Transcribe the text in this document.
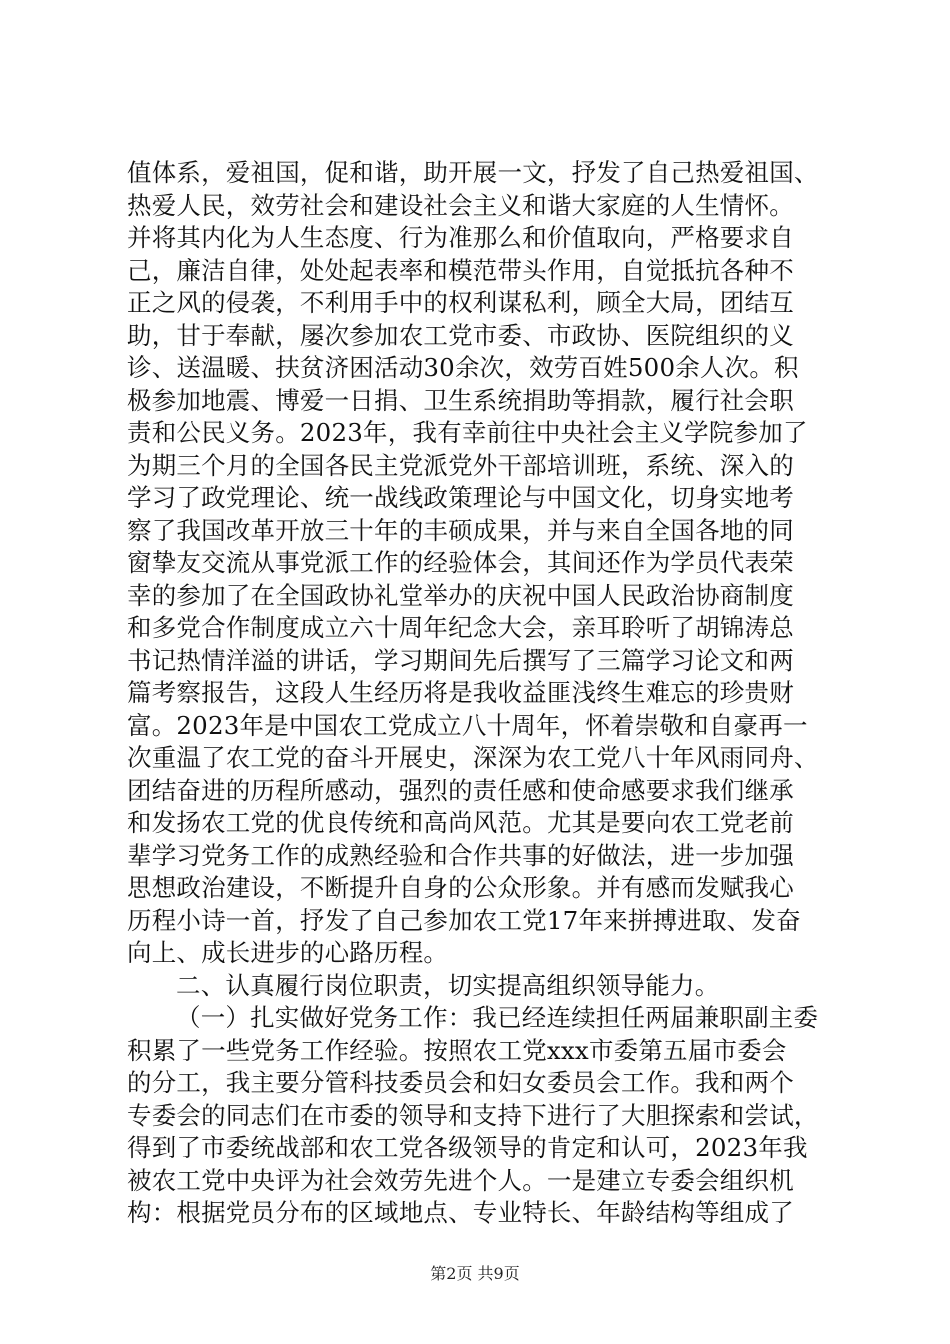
值体系，爱祖国，促和谐，助开展一文，抒发了自己热爱祖国、
热爱人民，效劳社会和建设社会主义和谐大家庭的人生情怀。
并将其内化为人生态度、行为准那么和价值取向，严格要求自
己，廉洁自律，处处起表率和模范带头作用，自觉抵抗各种不
正之风的侵袭，不利用手中的权利谋私利，顾全大局，团结互
助，甘于奉献，屡次参加农工党市委、市政协、医院组织的义
诊、送温暖、扶贫济困活动30余次，效劳百姓500余人次。积
极参加地震、博爱一日捐、卫生系统捐助等捐款，履行社会职
责和公民义务。2023年，我有幸前往中央社会主义学院参加了
为期三个月的全国各民主党派党外干部培训班，系统、深入的
学习了政党理论、统一战线政策理论与中国文化，切身实地考
察了我国改革开放三十年的丰硕成果，并与来自全国各地的同
窗挚友交流从事党派工作的经验体会，其间还作为学员代表荣
幸的参加了在全国政协礼堂举办的庆祝中国人民政治协商制度
和多党合作制度成立六十周年纪念大会，亲耳聆听了胡锦涛总
书记热情洋溢的讲话，学习期间先后撰写了三篇学习论文和两
篇考察报告，这段人生经历将是我收益匪浅终生难忘的珍贵财
富。2023年是中国农工党成立八十周年，怀着崇敬和自豪再一
次重温了农工党的奋斗开展史，深深为农工党八十年风雨同舟、
团结奋进的历程所感动，强烈的责任感和使命感要求我们继承
和发扬农工党的优良传统和高尚风范。尤其是要向农工党老前
辈学习党务工作的成熟经验和合作共事的好做法，进一步加强
思想政治建设，不断提升自身的公众形象。并有感而发赋我心
历程小诗一首，抒发了自己参加农工党17年来拼搏进取、发奋
向上、成长进步的心路历程。
二、认真履行岗位职责，切实提高组织领导能力。
（一）扎实做好党务工作：我已经连续担任两届兼职副主委
积累了一些党务工作经验。按照农工党xxx市委第五届市委会
的分工，我主要分管科技委员会和妇女委员会工作。我和两个
专委会的同志们在市委的领导和支持下进行了大胆探索和尝试，
得到了市委统战部和农工党各级领导的肯定和认可，2023年我
被农工党中央评为社会效劳先进个人。一是建立专委会组织机
构：根据党员分布的区域地点、专业特长、年龄结构等组成了
第2页 共9页
